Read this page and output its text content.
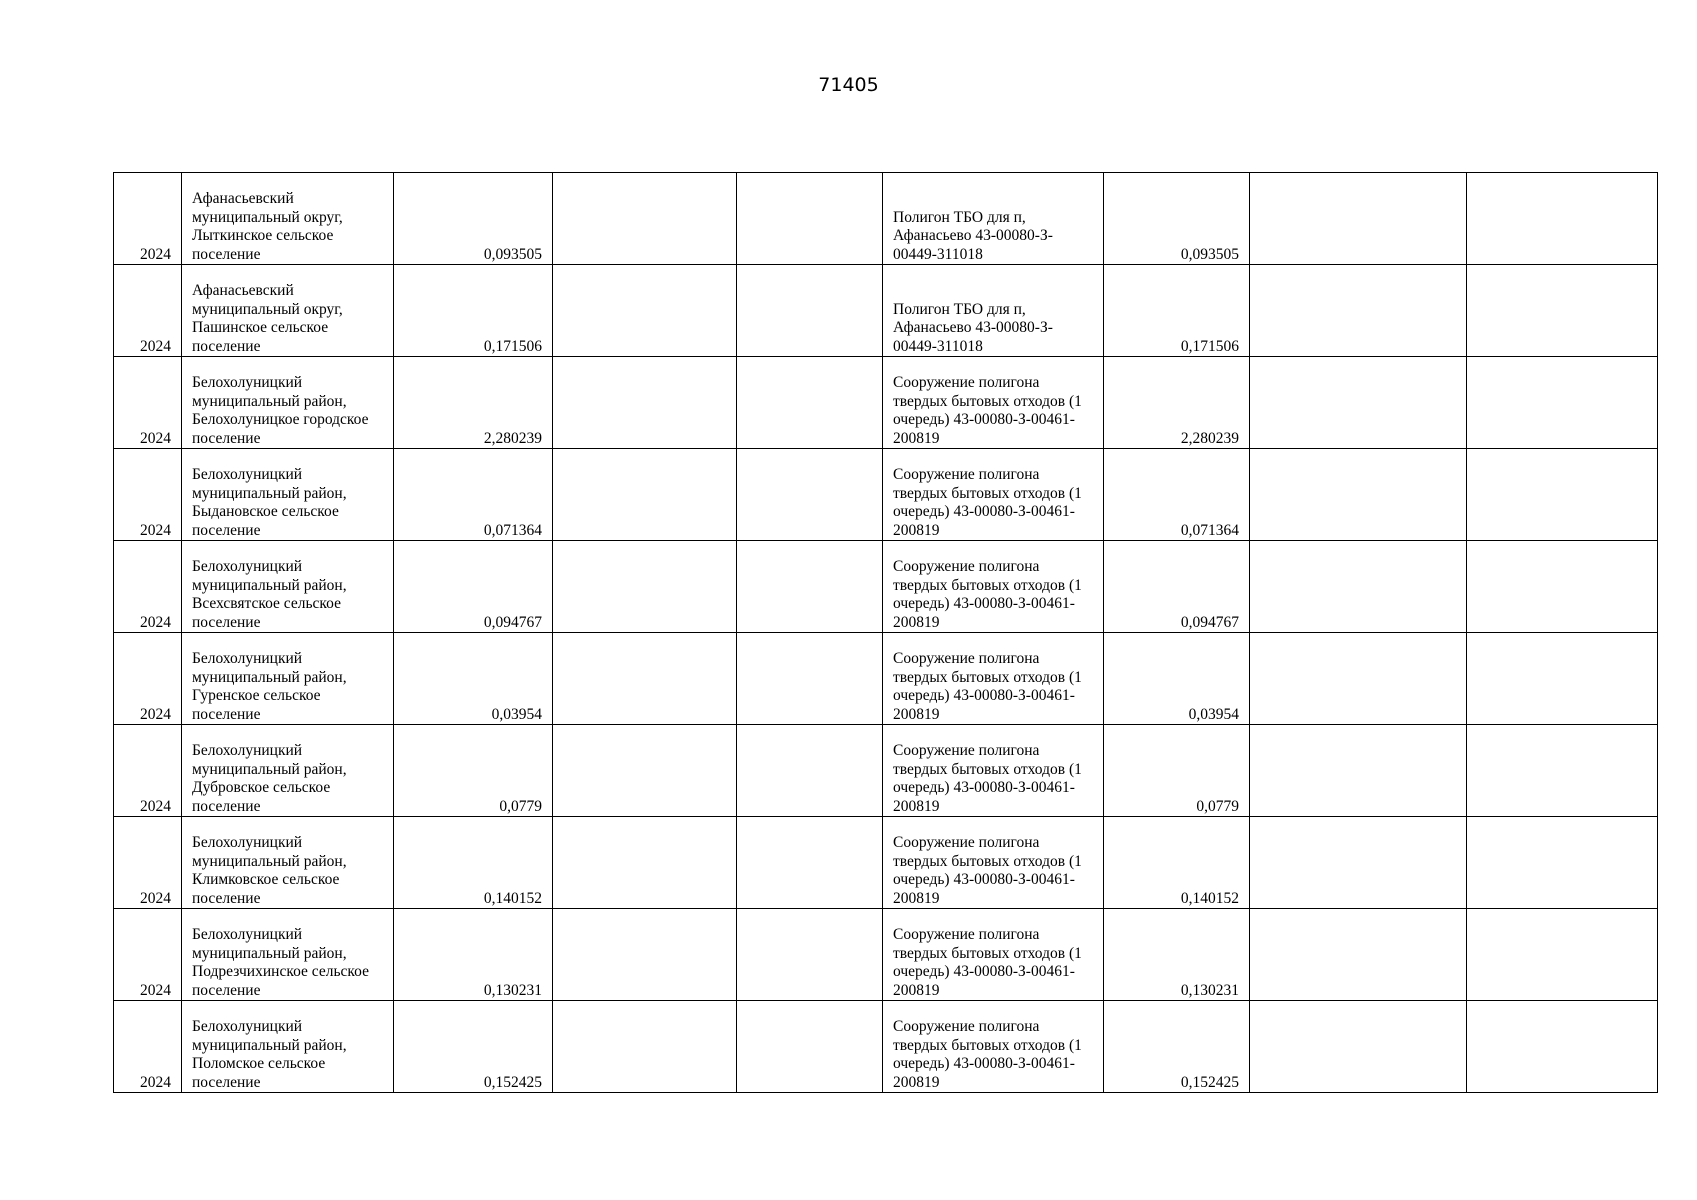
71405
2024	Афанасьевский
муниципальный округ,
Лыткинское сельское
поселение	0,093505			Полигон ТБО для п,
Афанасьево 43-00080-З-
00449-311018	0,093505		
2024	Афанасьевский
муниципальный округ,
Пашинское сельское
поселение	0,171506			Полигон ТБО для п,
Афанасьево 43-00080-З-
00449-311018	0,171506		
2024	Белохолуницкий
муниципальный район,
Белохолуницкое городское
поселение	2,280239			Сооружение полигона
твердых бытовых отходов (1
очередь) 43-00080-З-00461-
200819	2,280239		
2024	Белохолуницкий
муниципальный район,
Быдановское сельское
поселение	0,071364			Сооружение полигона
твердых бытовых отходов (1
очередь) 43-00080-З-00461-
200819	0,071364		
2024	Белохолуницкий
муниципальный район,
Всехсвятское сельское
поселение	0,094767			Сооружение полигона
твердых бытовых отходов (1
очередь) 43-00080-З-00461-
200819	0,094767		
2024	Белохолуницкий
муниципальный район,
Гуренское сельское
поселение	0,03954			Сооружение полигона
твердых бытовых отходов (1
очередь) 43-00080-З-00461-
200819	0,03954		
2024	Белохолуницкий
муниципальный район,
Дубровское сельское
поселение	0,0779			Сооружение полигона
твердых бытовых отходов (1
очередь) 43-00080-З-00461-
200819	0,0779		
2024	Белохолуницкий
муниципальный район,
Климковское сельское
поселение	0,140152			Сооружение полигона
твердых бытовых отходов (1
очередь) 43-00080-З-00461-
200819	0,140152		
2024	Белохолуницкий
муниципальный район,
Подрезчихинское сельское
поселение	0,130231			Сооружение полигона
твердых бытовых отходов (1
очередь) 43-00080-З-00461-
200819	0,130231		
2024	Белохолуницкий
муниципальный район,
Поломское сельское
поселение	0,152425			Сооружение полигона
твердых бытовых отходов (1
очередь) 43-00080-З-00461-
200819	0,152425		
